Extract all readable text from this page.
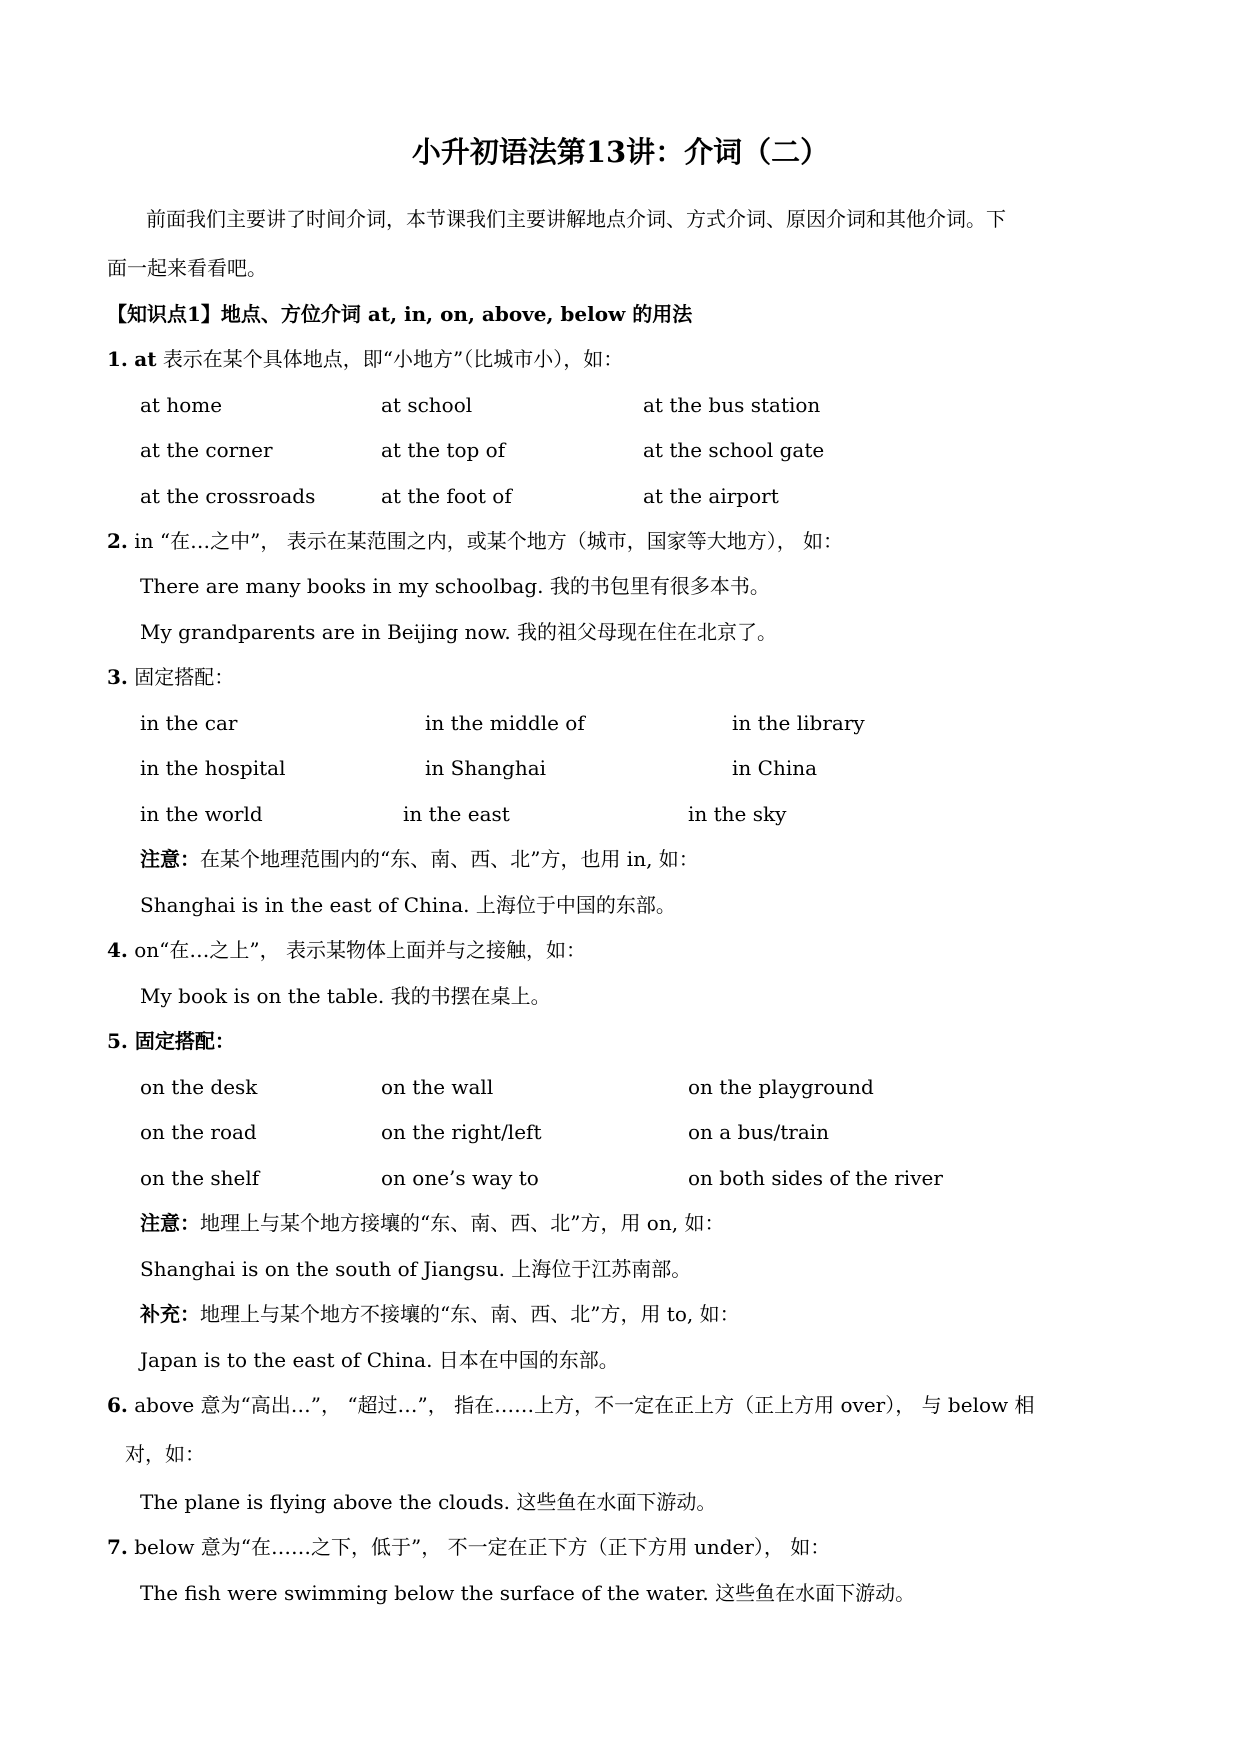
小升初语法第13讲：介词（二）
前面我们主要讲了时间介词，本节课我们主要讲解地点介词、方式介词、原因介词和其他介词。下
面一起来看看吧。
【知识点1】地点、方位介词 at, in, on, above, below 的用法
1. at 表示在某个具体地点，即“小地方”（比城市小），如：
at home	at school	at the bus station
at the corner	at the top of	at the school gate
at the crossroads	at the foot of	at the airport
2. in “在…之中”， 表示在某范围之内，或某个地方（城市，国家等大地方）， 如：
There are many books in my schoolbag. 我的书包里有很多本书。
My grandparents are in Beijing now. 我的祖父母现在住在北京了。
3. 固定搭配：
in the car	in the middle of	in the library
in the hospital	in Shanghai	in China
in the world	in the east	in the sky
注意：在某个地理范围内的“东、南、西、北”方，也用 in, 如：
Shanghai is in the east of China. 上海位于中国的东部。
4. on“在…之上”， 表示某物体上面并与之接触，如：
My book is on the table. 我的书摆在桌上。
5. 固定搭配：
on the desk	on the wall	on the playground
on the road	on the right/left	on a bus/train
on the shelf	on one’s way to	on both sides of the river
注意：地理上与某个地方接壤的“东、南、西、北”方，用 on, 如：
Shanghai is on the south of Jiangsu. 上海位于江苏南部。
补充：地理上与某个地方不接壤的“东、南、西、北”方，用 to, 如：
Japan is to the east of China. 日本在中国的东部。
6. above 意为“高出…”， “超过…”， 指在……上方，不一定在正上方（正上方用 over）， 与 below 相
对，如：
The plane is flying above the clouds. 这些鱼在水面下游动。
7. below 意为“在……之下，低于”， 不一定在正下方（正下方用 under）， 如：
The fish were swimming below the surface of the water. 这些鱼在水面下游动。
